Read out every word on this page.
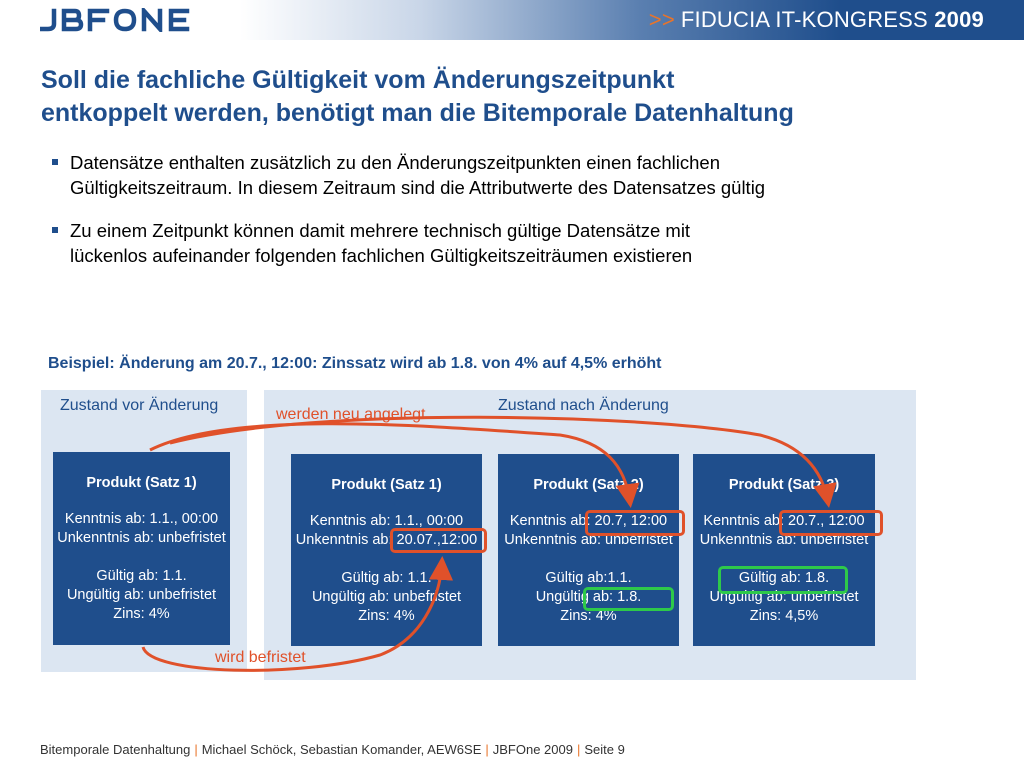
>> FIDUCIA IT-KONGRESS 2009
Soll die fachliche Gültigkeit vom Änderungszeitpunkt
entkoppelt werden, benötigt man die Bitemporale Datenhaltung
Datensätze enthalten zusätzlich zu den Änderungszeitpunkten einen fachlichen
Gültigkeitszeitraum. In diesem Zeitraum sind die Attributwerte des Datensatzes gültig
Zu einem Zeitpunkt können damit mehrere technisch gültige Datensätze mit
lückenlos aufeinander folgenden fachlichen Gültigkeitszeiträumen existieren
Beispiel: Änderung am 20.7., 12:00: Zinssatz wird ab 1.8. von 4% auf 4,5% erhöht
Zustand vor Änderung	Zustand nach Änderung
werden neu angelegt
wird befristet
Produkt (Satz 1)
Kenntnis ab: 1.1., 00:00
Unkenntnis ab: unbefristet
Gültig ab: 1.1.
Ungültig ab: unbefristet
Zins: 4%
Produkt (Satz 1)
Kenntnis ab: 1.1., 00:00
Unkenntnis ab: 20.07.,12:00
Gültig ab: 1.1.
Ungültig ab: unbefristet
Zins: 4%
Produkt (Satz 2)
Kenntnis ab: 20.7, 12:00
Unkenntnis ab: unbefristet
Gültig ab:1.1.
Ungültig ab: 1.8.
Zins: 4%
Produkt (Satz 3)
Kenntnis ab: 20.7., 12:00
Unkenntnis ab: unbefristet
Gültig ab: 1.8.
Ungültig ab: unbefristet
Zins: 4,5%
Bitemporale Datenhaltung | Michael Schöck, Sebastian Komander, AEW6SE | JBFOne 2009 | Seite 9
